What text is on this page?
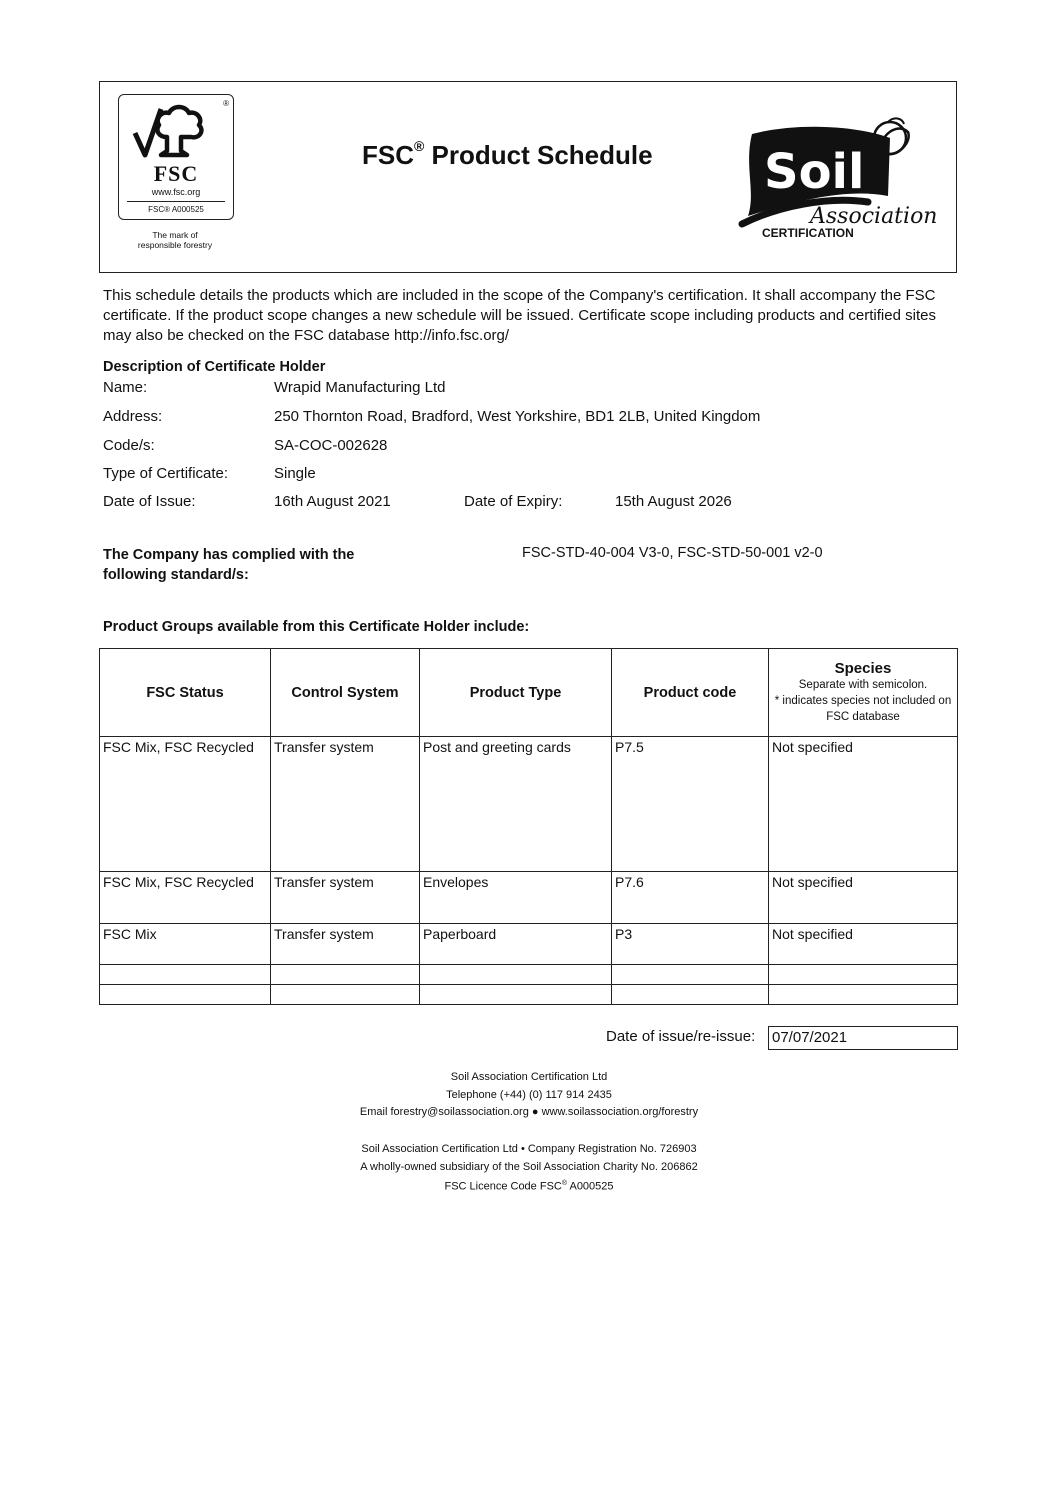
®
FSC
www.fsc.org
FSC® A000525
The mark of
responsible forestry
FSC® Product Schedule Soil
Association
CERTIFICATION
This schedule details the products which are included in the scope of the Company's certification. It shall accompany the FSC certificate. If the product scope changes a new schedule will be issued. Certificate scope including products and certified sites may also be checked on the FSC database http://info.fsc.org/
Description of Certificate Holder
Name:	Wrapid Manufacturing Ltd
Address:	250 Thornton Road, Bradford, West Yorkshire, BD1 2LB, United Kingdom
Code/s:	SA-COC-002628
Type of Certificate:	Single
Date of Issue:	16th August 2021	Date of Expiry:	15th August 2026
The Company has complied with the
following standard/s:
FSC-STD-40-004 V3-0, FSC-STD-50-001 v2-0
Product Groups available from this Certificate Holder include:
FSC Status	Control System	Product Type	Product code	Species
Separate with semicolon.
* indicates species not included on FSC database

FSC Mix, FSC Recycled	Transfer system	Post and greeting cards	P7.5	Not specified
FSC Mix, FSC Recycled	Transfer system	Envelopes	P7.6	Not specified
FSC Mix	Transfer system	Paperboard	P3	Not specified

Date of issue/re-issue: 07/07/2021
Soil Association Certification Ltd
Telephone (+44) (0) 117 914 2435
Email forestry@soilassociation.org ● www.soilassociation.org/forestry
Soil Association Certification Ltd • Company Registration No. 726903
A wholly-owned subsidiary of the Soil Association Charity No. 206862
FSC Licence Code FSC® A000525
